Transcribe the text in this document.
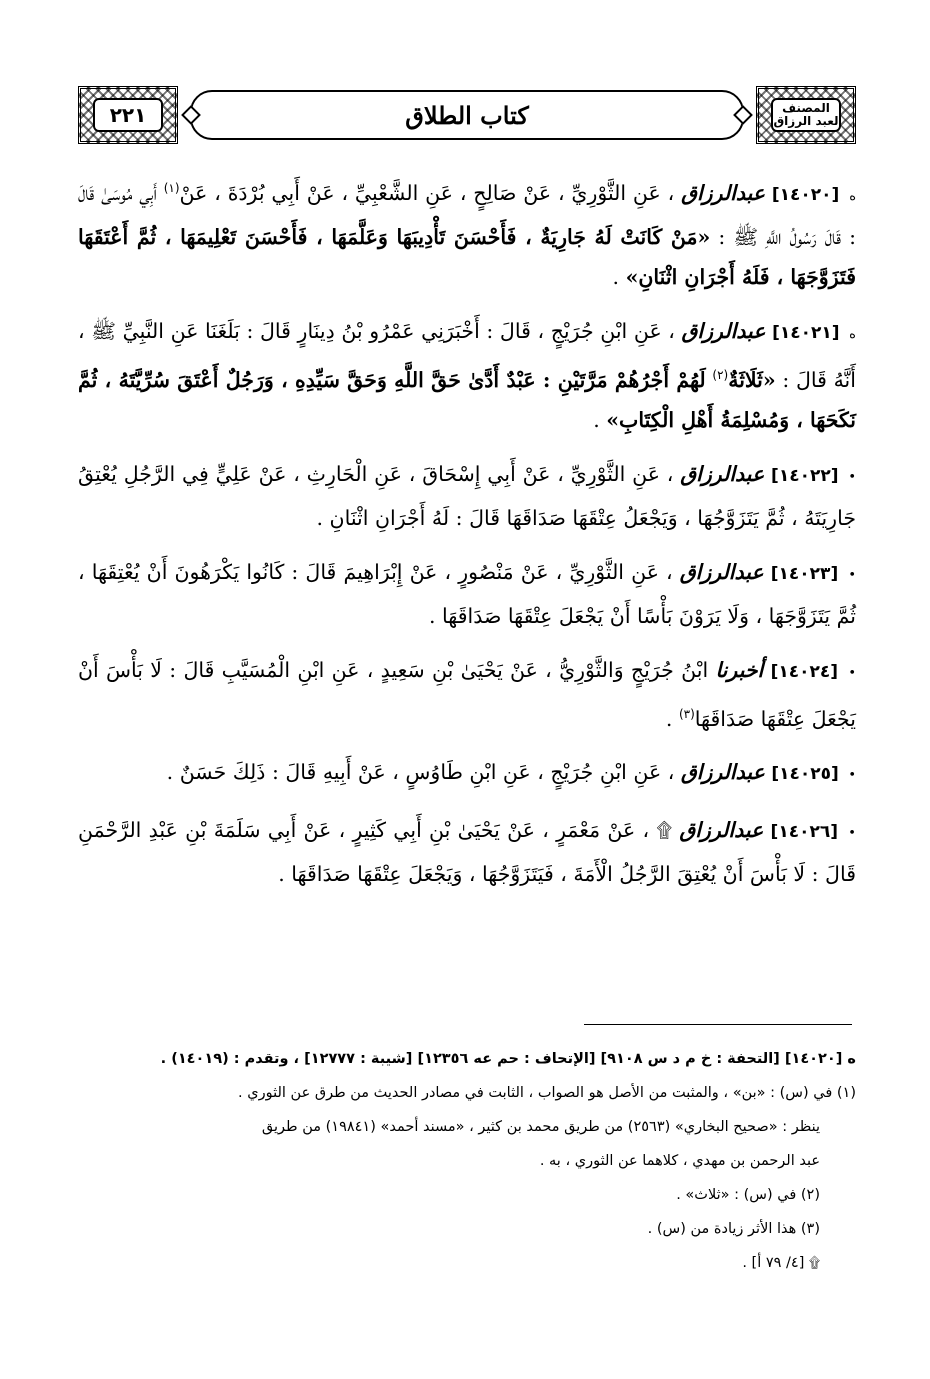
٢٢١	كتاب الطلاق	المصنف لعبد الرزاق

ه [١٤٠٢٠] عبدالرزاق ، عَنِ الثَّوْرِيِّ ، عَنْ صَالِحٍ ، عَنِ الشَّعْبِيِّ ، عَنْ أَبِي بُرْدَةَ ، عَنْ$^{(١)}$ أَبِي مُوسَىٰ قَالَ : قَالَ رَسُولُ اللَّهِ ﷺ : «مَنْ كَانَتْ لَهُ جَارِيَةٌ ، فَأَحْسَنَ تَأْدِيبَهَا وَعَلَّمَهَا ، فَأَحْسَنَ تَعْلِيمَهَا ، ثُمَّ أَعْتَقَهَا فَتَزَوَّجَهَا ، فَلَهُ أَجْرَانِ اثْنَانِ» .

ه [١٤٠٢١] عبدالرزاق ، عَنِ ابْنِ جُرَيْجٍ ، قَالَ : أَخْبَرَنِي عَمْرُو بْنُ دِينَارٍ قَالَ : بَلَغَنَا عَنِ النَّبِيِّ ﷺ ، أَنَّهُ قَالَ : «ثَلَاثَةٌ$^{(٢)}$ لَهُمْ أَجْرُهُمْ مَرَّتَيْنِ : عَبْدٌ أَدَّىٰ حَقَّ اللَّهِ وَحَقَّ سَيِّدِهِ ، وَرَجُلٌ أَعْتَقَ سُرِّيَّتَهُ ، ثُمَّ نَكَحَهَا ، وَمُسْلِمَةُ أَهْلِ الْكِتَابِ» .

• [١٤٠٢٢] عبدالرزاق ، عَنِ الثَّوْرِيِّ ، عَنْ أَبِي إِسْحَاقَ ، عَنِ الْحَارِثِ ، عَنْ عَلِيٍّ فِي الرَّجُلِ يُعْتِقُ جَارِيَتَهُ ، ثُمَّ يَتَزَوَّجُهَا ، وَيَجْعَلُ عِتْقَهَا صَدَاقَهَا قَالَ : لَهُ أَجْرَانِ اثْنَانِ .

• [١٤٠٢٣] عبدالرزاق ، عَنِ الثَّوْرِيِّ ، عَنْ مَنْصُورٍ ، عَنْ إِبْرَاهِيمَ قَالَ : كَانُوا يَكْرَهُونَ أَنْ يُعْتِقَهَا ، ثُمَّ يَتَزَوَّجَهَا ، وَلَا يَرَوْنَ بَأْسًا أَنْ يَجْعَلَ عِتْقَهَا صَدَاقَهَا .

• [١٤٠٢٤] أخبرنا ابْنُ جُرَيْجٍ وَالثَّوْرِيُّ ، عَنْ يَحْيَىٰ بْنِ سَعِيدٍ ، عَنِ ابْنِ الْمُسَيَّبِ قَالَ : لَا بَأْسَ أَنْ يَجْعَلَ عِتْقَهَا صَدَاقَهَا$^{(٣)}$ .

• [١٤٠٢٥] عبدالرزاق ، عَنِ ابْنِ جُرَيْجٍ ، عَنِ ابْنِ طَاوُسٍ ، عَنْ أَبِيهِ قَالَ : ذَلِكَ حَسَنٌ .

• [١٤٠٢٦] عبدالرزاق ۩ ، عَنْ مَعْمَرٍ ، عَنْ يَحْيَىٰ بْنِ أَبِي كَثِيرٍ ، عَنْ أَبِي سَلَمَةَ بْنِ عَبْدِ الرَّحْمَنِ قَالَ : لَا بَأْسَ أَنْ يُعْتِقَ الرَّجُلُ الْأَمَةَ ، فَيَتَزَوَّجُهَا ، وَيَجْعَلَ عِتْقَهَا صَدَاقَهَا .

ه [١٤٠٢٠] [التحفة : خ م د س ٩١٠٨] [الإتحاف : حم عه ١٢٣٥٦] [شيبة : ١٢٧٧٧] ، وتقدم : (١٤٠١٩) .

(١) في (س) : «بن» ، والمثبت من الأصل هو الصواب ، الثابت في مصادر الحديث من طرق عن الثوري .

ينظر : «صحيح البخاري» (٢٥٦٣) من طريق محمد بن كثير ، «مسند أحمد» (١٩٨٤١) من طريق

عبد الرحمن بن مهدي ، كلاهما عن الثوري ، به .

(٢) في (س) : «ثلاث» .

(٣) هذا الأثر زيادة من (س) .

۩ [٤/ ٧٩ أ] .
